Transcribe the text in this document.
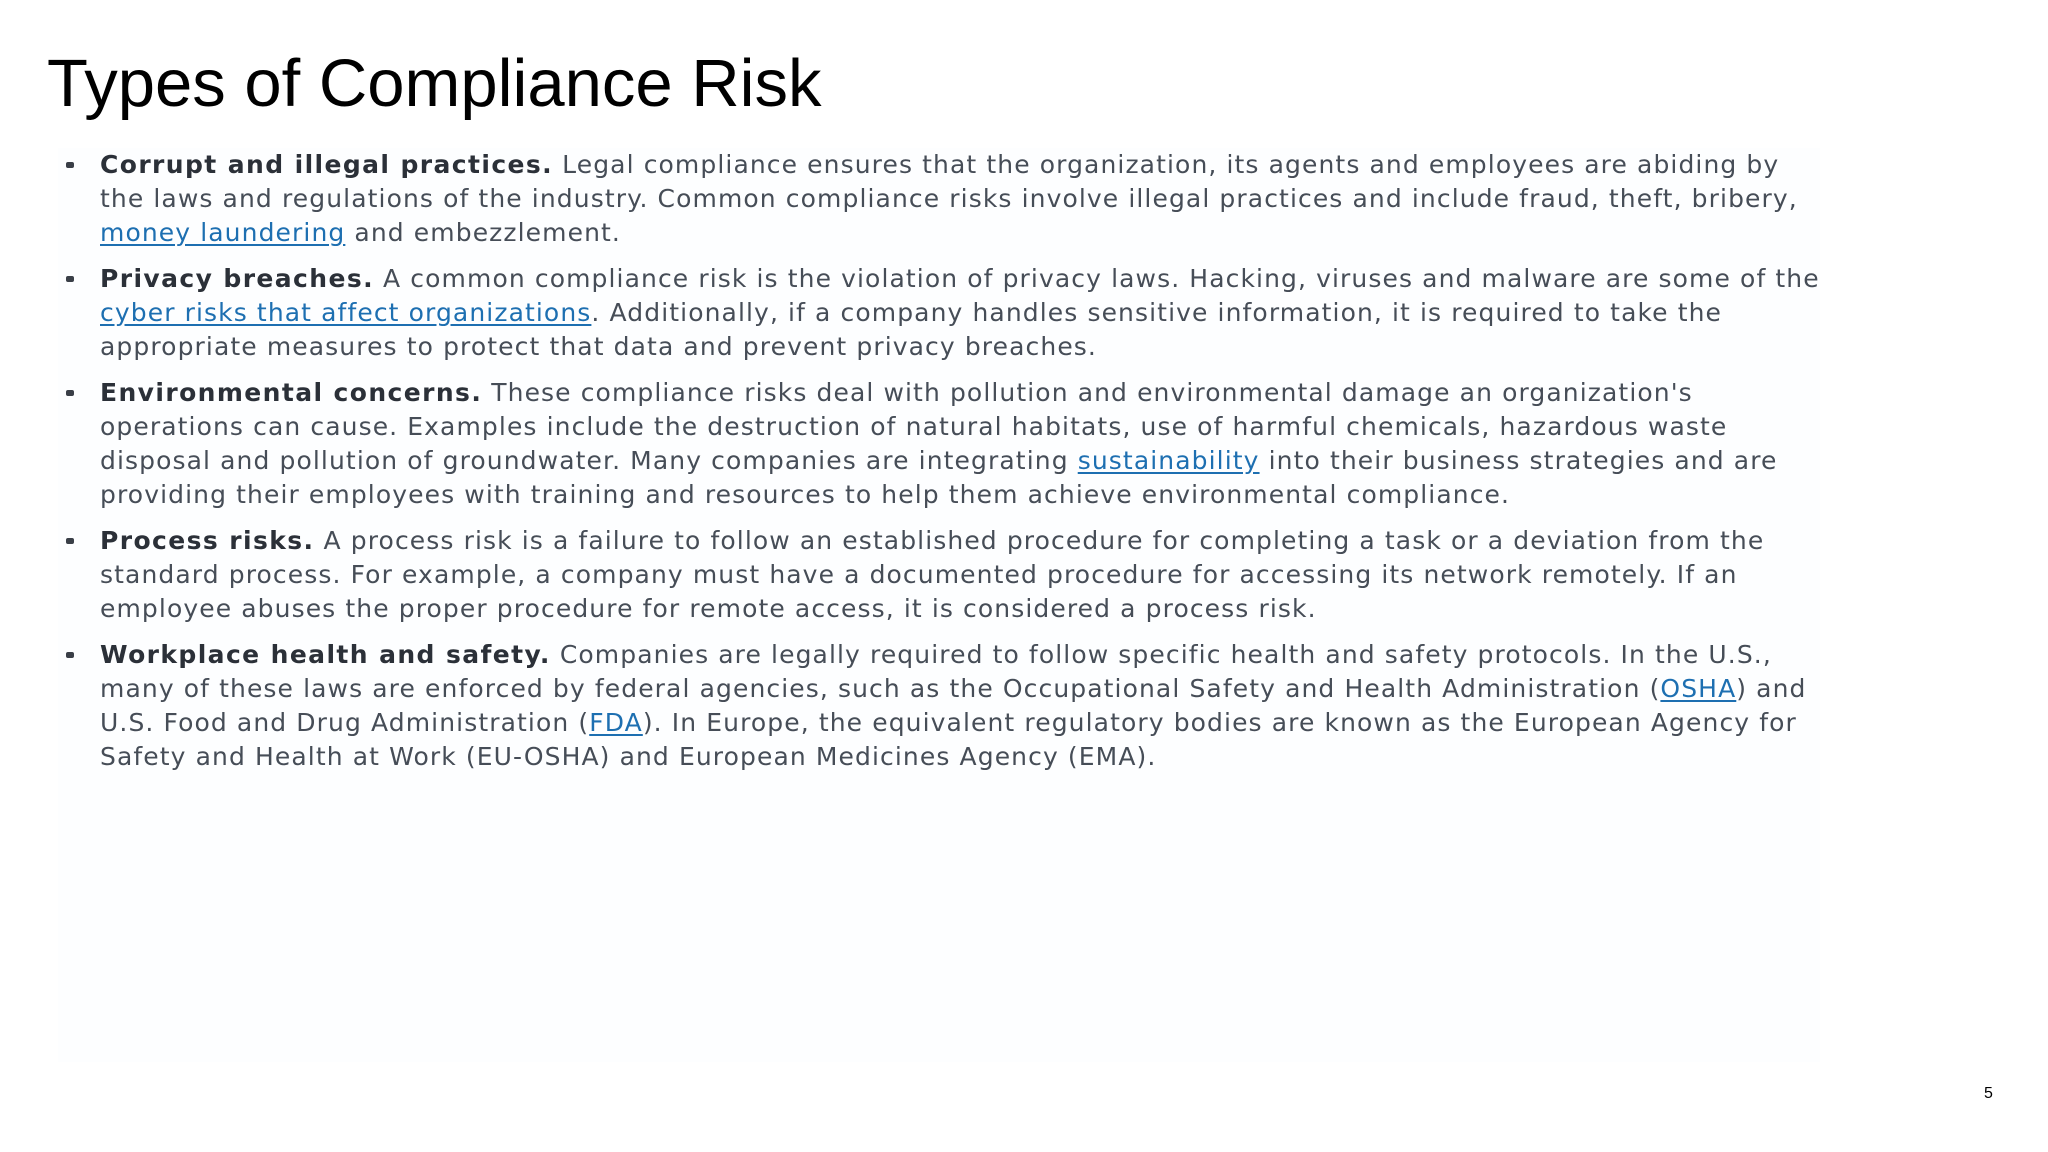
Types of Compliance Risk
Corrupt and illegal practices. Legal compliance ensures that the organization, its agents and employees are abiding by the laws and regulations of the industry. Common compliance risks involve illegal practices and include fraud, theft, bribery, money laundering and embezzlement.
Privacy breaches. A common compliance risk is the violation of privacy laws. Hacking, viruses and malware are some of the cyber risks that affect organizations. Additionally, if a company handles sensitive information, it is required to take the appropriate measures to protect that data and prevent privacy breaches.
Environmental concerns. These compliance risks deal with pollution and environmental damage an organization's operations can cause. Examples include the destruction of natural habitats, use of harmful chemicals, hazardous waste disposal and pollution of groundwater. Many companies are integrating sustainability into their business strategies and are providing their employees with training and resources to help them achieve environmental compliance.
Process risks. A process risk is a failure to follow an established procedure for completing a task or a deviation from the standard process. For example, a company must have a documented procedure for accessing its network remotely. If an employee abuses the proper procedure for remote access, it is considered a process risk.
Workplace health and safety. Companies are legally required to follow specific health and safety protocols. In the U.S., many of these laws are enforced by federal agencies, such as the Occupational Safety and Health Administration (OSHA) and U.S. Food and Drug Administration (FDA). In Europe, the equivalent regulatory bodies are known as the European Agency for Safety and Health at Work (EU-OSHA) and European Medicines Agency (EMA).
5
